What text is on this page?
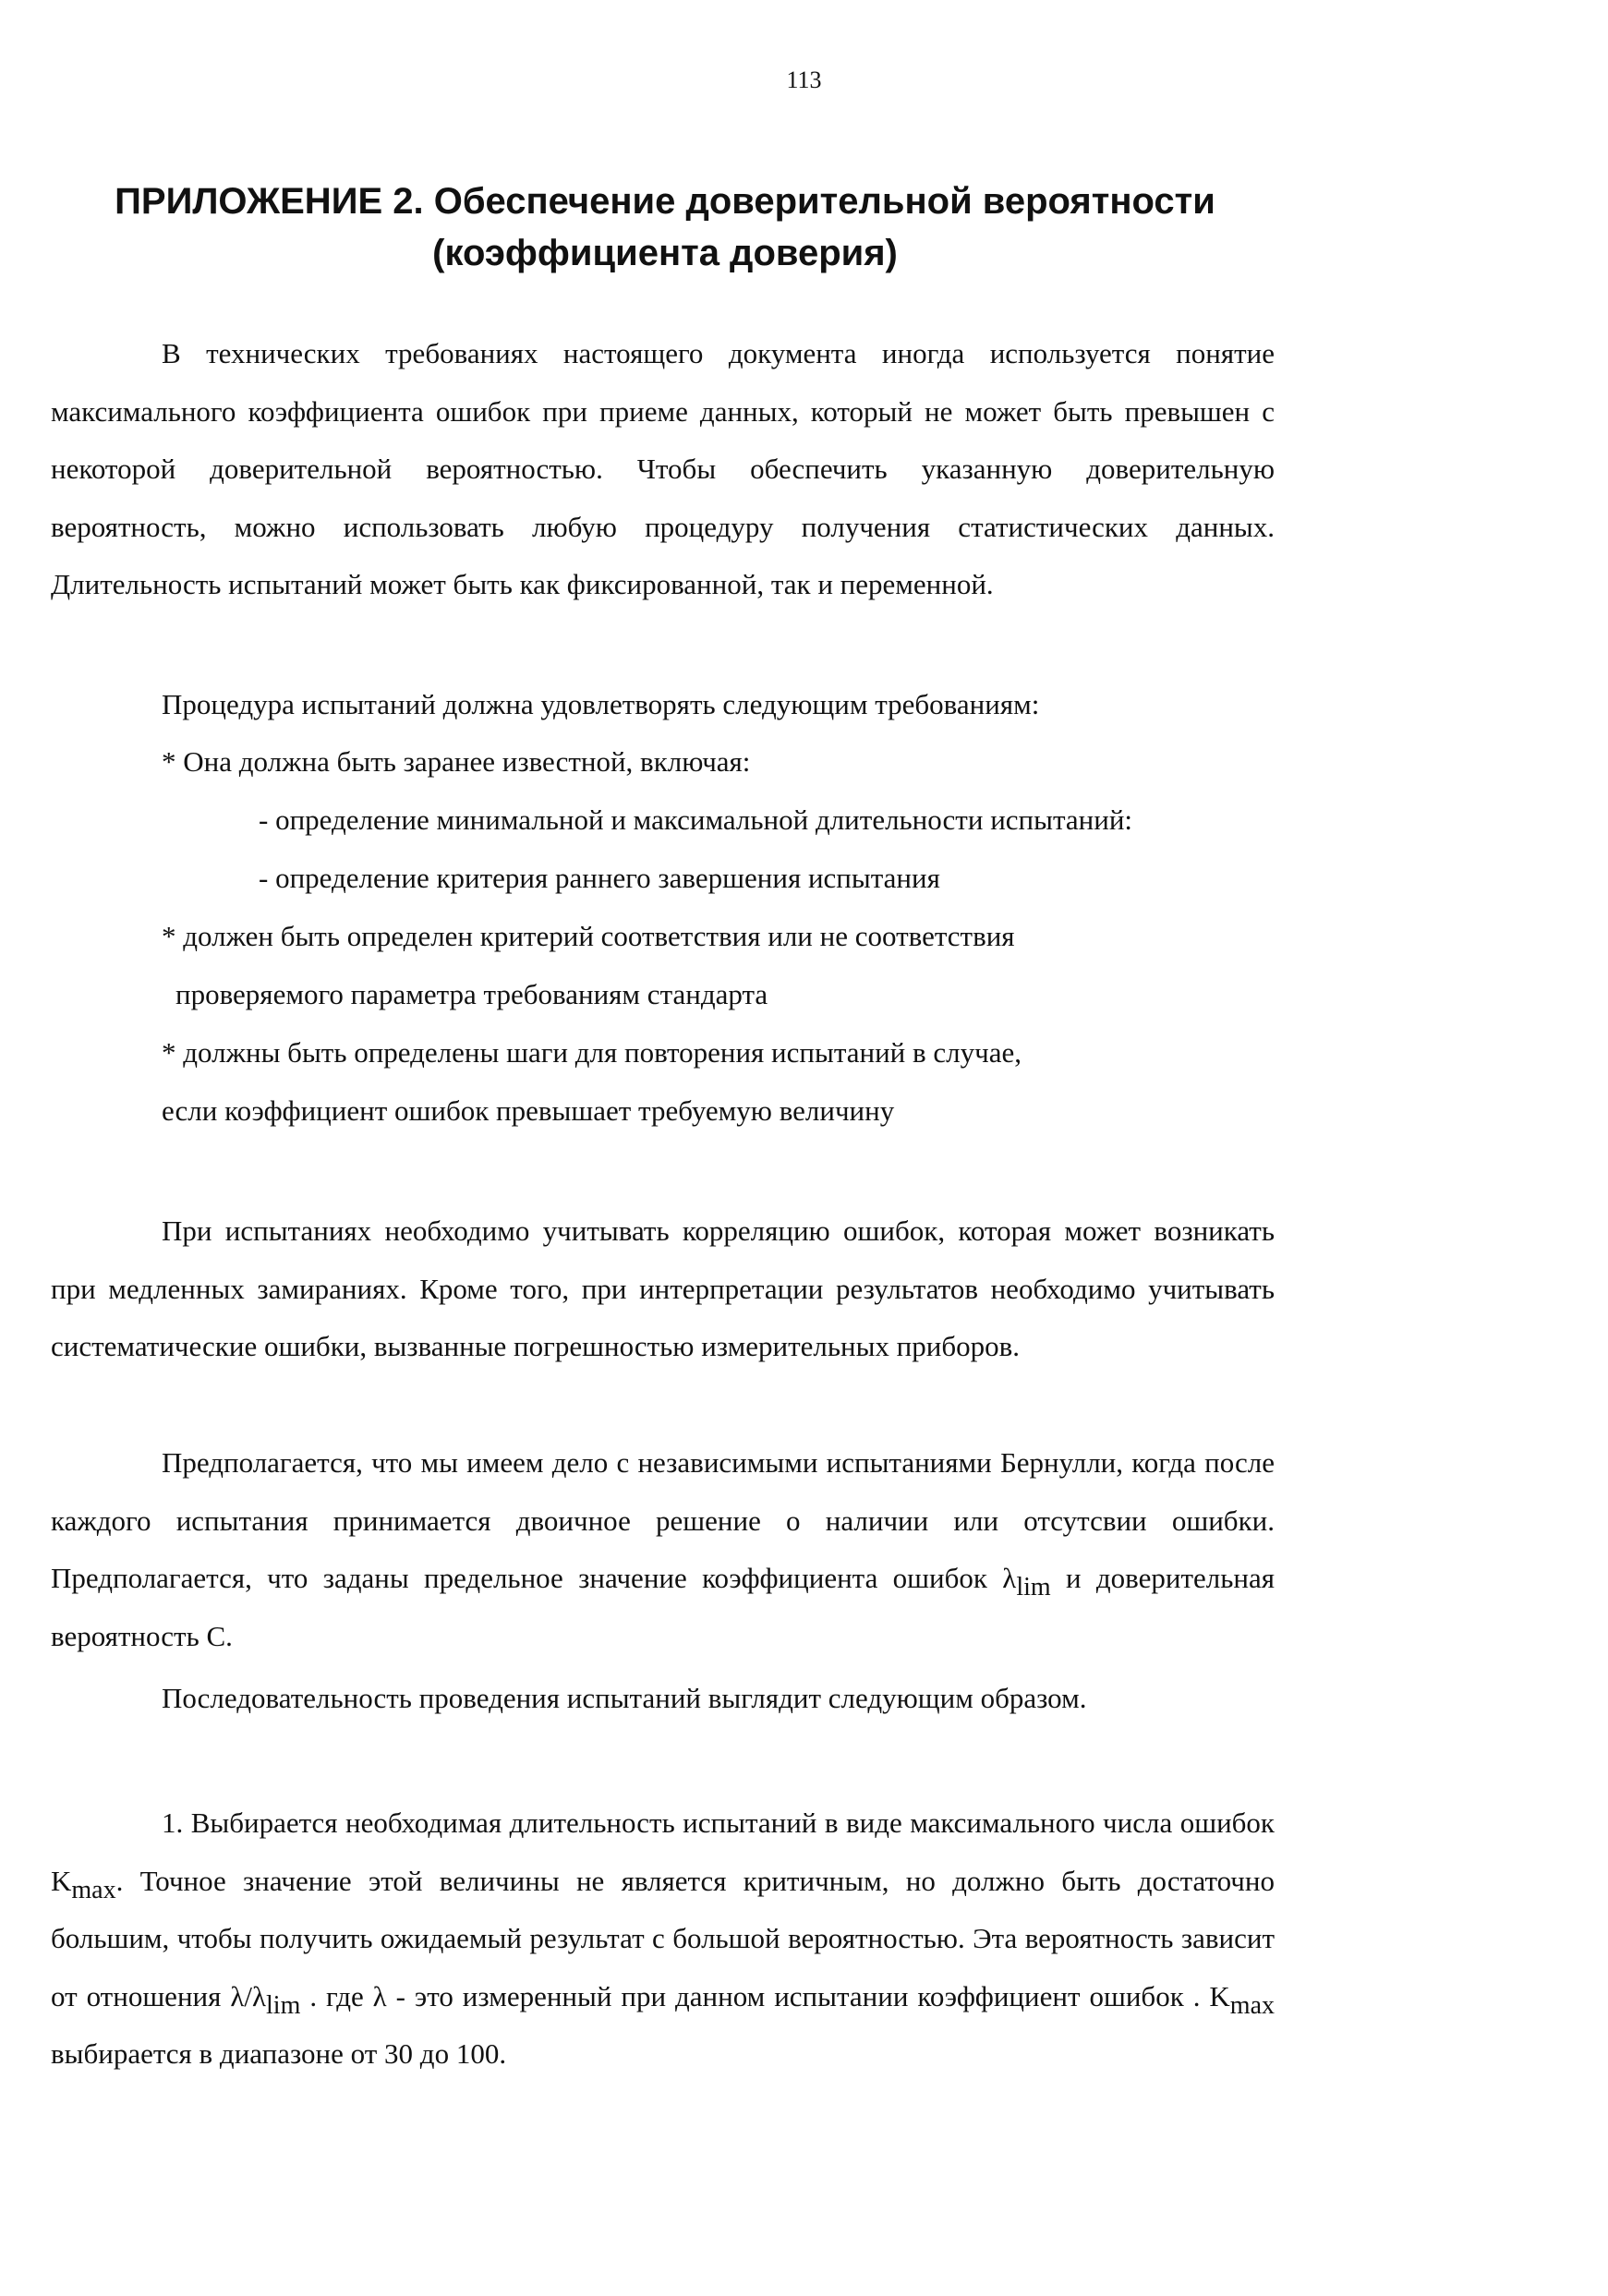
113
ПРИЛОЖЕНИЕ 2. Обеспечение доверительной вероятности
(коэффициента доверия)

В технических требованиях настоящего документа иногда используется понятие максимального коэффициента ошибок при приеме данных, который не может быть превышен с некоторой доверительной вероятностью. Чтобы обеспечить указанную доверительную вероятность, можно использовать любую процедуру получения статистических данных. Длительность испытаний может быть как фиксированной, так и переменной.

Процедура испытаний должна удовлетворять следующим требованиям:

* Она должна быть заранее известной, включая:

- определение минимальной и максимальной длительности испытаний:

- определение критерия раннего завершения испытания

* должен быть определен критерий соответствия или не соответствия

проверяемого параметра требованиям стандарта

* должны быть определены шаги для повторения испытаний в случае,

если коэффициент ошибок превышает требуемую величину

При испытаниях необходимо учитывать корреляцию ошибок, которая может возникать при медленных замираниях. Кроме того, при интерпретации результатов необходимо учитывать систематические ошибки, вызванные погрешностью измерительных приборов.

Предполагается, что мы имеем дело с независимыми испытаниями Бернулли, когда после каждого испытания принимается двоичное решение о наличии или отсутсвии ошибки. Предполагается, что заданы предельное значение коэффициента ошибок $\lambda_{lim}$ и доверительная вероятность С.

Последовательность проведения испытаний выглядит следующим образом.

1. Выбирается необходимая длительность испытаний в виде максимального числа ошибок $K_{max}$. Точное значение этой величины не является критичным, но должно быть достаточно большим, чтобы получить ожидаемый результат с большой вероятностью. Эта вероятность зависит от отношения $\lambda/\lambda_{lim}$ . где λ - это измеренный при данном испытании коэффициент ошибок . $K_{max}$ выбирается в диапазоне от 30 до 100.
